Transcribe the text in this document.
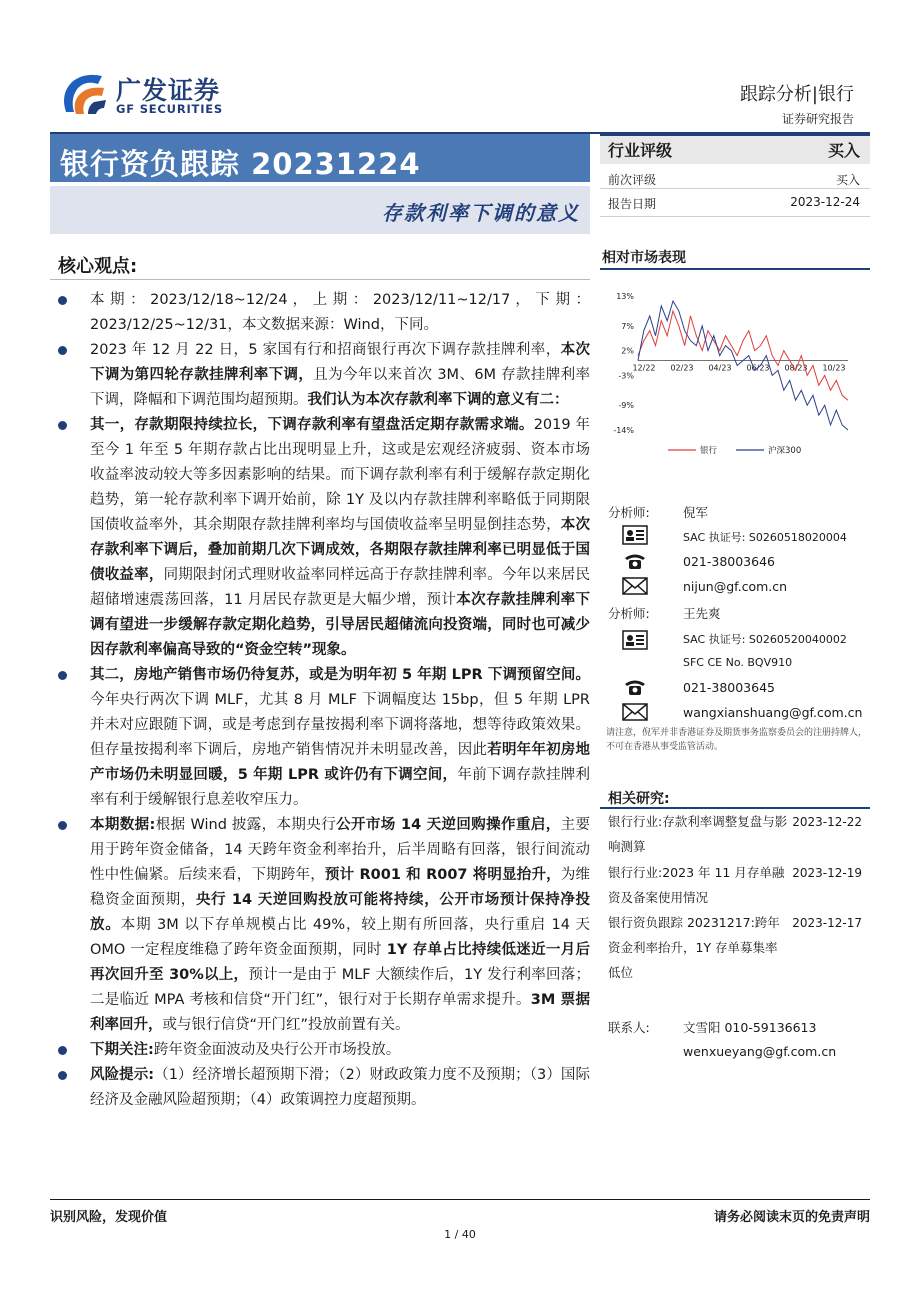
广发证券
GF SECURITIES
跟踪分析|银行
证券研究报告
银行资负跟踪 20231224
存款利率下调的意义
行业评级	买入
前次评级	买入
报告日期	2023-12-24
核心观点:
本 期 ： 2023/12/18~12/24 ， 上 期 ： 2023/12/11~12/17 ， 下 期 ： 2023/12/25~12/31，本文数据来源：Wind，下同。
2023 年 12 月 22 日，5 家国有行和招商银行再次下调存款挂牌利率，本次下调为第四轮存款挂牌利率下调，且为今年以来首次 3M、6M 存款挂牌利率下调，降幅和下调范围均超预期。我们认为本次存款利率下调的意义有二：
其一，存款期限持续拉长，下调存款利率有望盘活定期存款需求端。2019 年至今 1 年至 5 年期存款占比出现明显上升，这或是宏观经济疲弱、资本市场收益率波动较大等多因素影响的结果。而下调存款利率有利于缓解存款定期化趋势，第一轮存款利率下调开始前，除 1Y 及以内存款挂牌利率略低于同期限国债收益率外，其余期限存款挂牌利率均与国债收益率呈明显倒挂态势，本次存款利率下调后，叠加前期几次下调成效，各期限存款挂牌利率已明显低于国债收益率，同期限封闭式理财收益率同样远高于存款挂牌利率。今年以来居民超储增速震荡回落，11 月居民存款更是大幅少增，预计本次存款挂牌利率下调有望进一步缓解存款定期化趋势，引导居民超储流向投资端，同时也可减少因存款利率偏高导致的“资金空转”现象。
其二，房地产销售市场仍待复苏，或是为明年初 5 年期 LPR 下调预留空间。今年央行两次下调 MLF，尤其 8 月 MLF 下调幅度达 15bp，但 5 年期 LPR 并未对应跟随下调，或是考虑到存量按揭利率下调将落地，想等待政策效果。但存量按揭利率下调后，房地产销售情况并未明显改善，因此若明年年初房地产市场仍未明显回暖，5 年期 LPR 或许仍有下调空间，年前下调存款挂牌利率有利于缓解银行息差收窄压力。
本期数据:根据 Wind 披露，本期央行公开市场 14 天逆回购操作重启，主要用于跨年资金储备，14 天跨年资金利率抬升，后半周略有回落，银行间流动性中性偏紧。后续来看，下期跨年，预计 R001 和 R007 将明显抬升，为维稳资金面预期，央行 14 天逆回购投放可能将持续，公开市场预计保持净投放。本期 3M 以下存单规模占比 49%，较上期有所回落，央行重启 14 天 OMO 一定程度维稳了跨年资金面预期，同时 1Y 存单占比持续低迷近一月后再次回升至 30%以上，预计一是由于 MLF 大额续作后，1Y 发行利率回落；二是临近 MPA 考核和信贷“开门红”，银行对于长期存单需求提升。3M 票据利率回升，或与银行信贷“开门红”投放前置有关。
下期关注:跨年资金面波动及央行公开市场投放。
风险提示:（1）经济增长超预期下滑；（2）财政政策力度不及预期；（3）国际经济及金融风险超预期；（4）政策调控力度超预期。
相对市场表现
13%
7%
2%
-3%
-9%
-14%
12/22 02/23 04/23 06/23 08/23 10/23
银行	沪深300
分析师:	倪军
SAC 执证号: S0260518020004
021-38003646
nijun@gf.com.cn
分析师:	王先爽
SAC 执证号: S0260520040002
SFC CE No. BQV910
021-38003645
wangxianshuang@gf.com.cn
请注意，倪军并非香港证券及期货事务监察委员会的注册持牌人，不可在香港从事受监管活动。
相关研究:
银行行业:存款利率调整复盘与影响测算
2023-12-22
银行行业:2023 年 11 月存单融资及备案使用情况
2023-12-19
银行资负跟踪 20231217:跨年资金利率抬升，1Y 存单募集率低位
2023-12-17
联系人:	文雪阳 010-59136613
wenxueyang@gf.com.cn
识别风险，发现价值	请务必阅读末页的免责声明
1 / 40
